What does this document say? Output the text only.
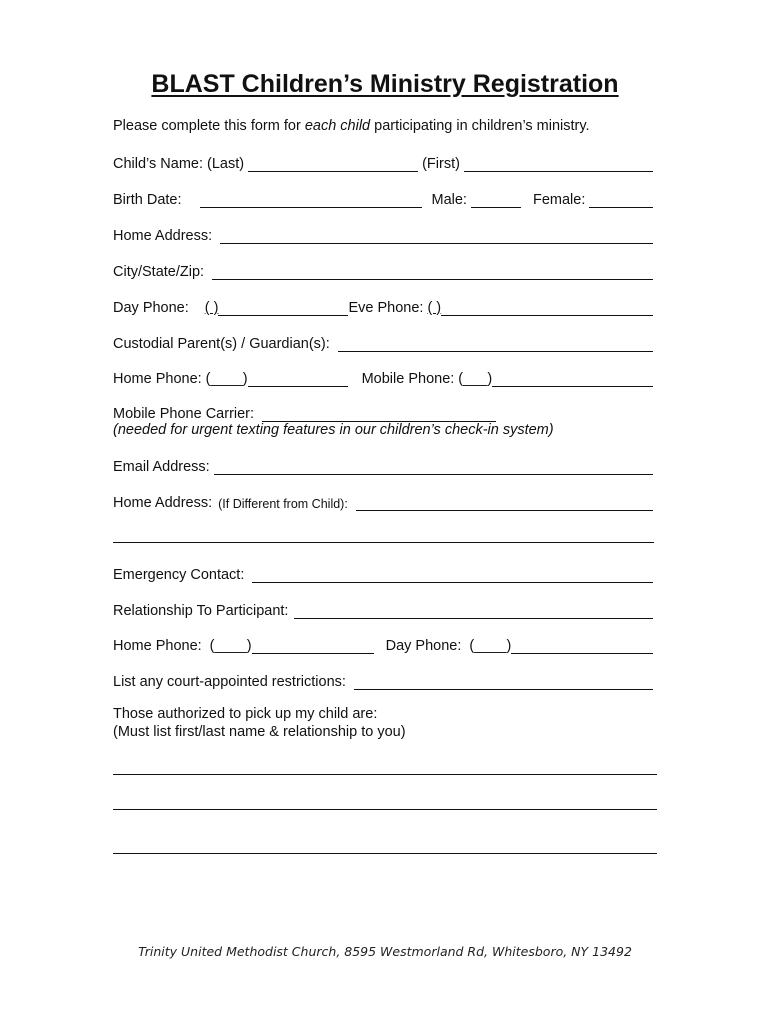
BLAST Children’s Ministry Registration
Please complete this form for each child participating in children’s ministry.
Child’s Name: (Last)	(First)
Birth Date:	Male:	Female:
Home Address:
City/State/Zip:
Day Phone: ( )	Eve Phone: ( )
Custodial Parent(s) / Guardian(s):
Home Phone: (____)	Mobile Phone: (___)
Mobile Phone Carrier:
(needed for urgent texting features in our children’s check-in system)
Email Address:
Home Address: (If Different from Child):
Emergency Contact:
Relationship To Participant:
Home Phone: (____)	Day Phone: (____)
List any court-appointed restrictions:
Those authorized to pick up my child are:
(Must list first/last name & relationship to you)
Trinity United Methodist Church, 8595 Westmorland Rd, Whitesboro, NY 13492
